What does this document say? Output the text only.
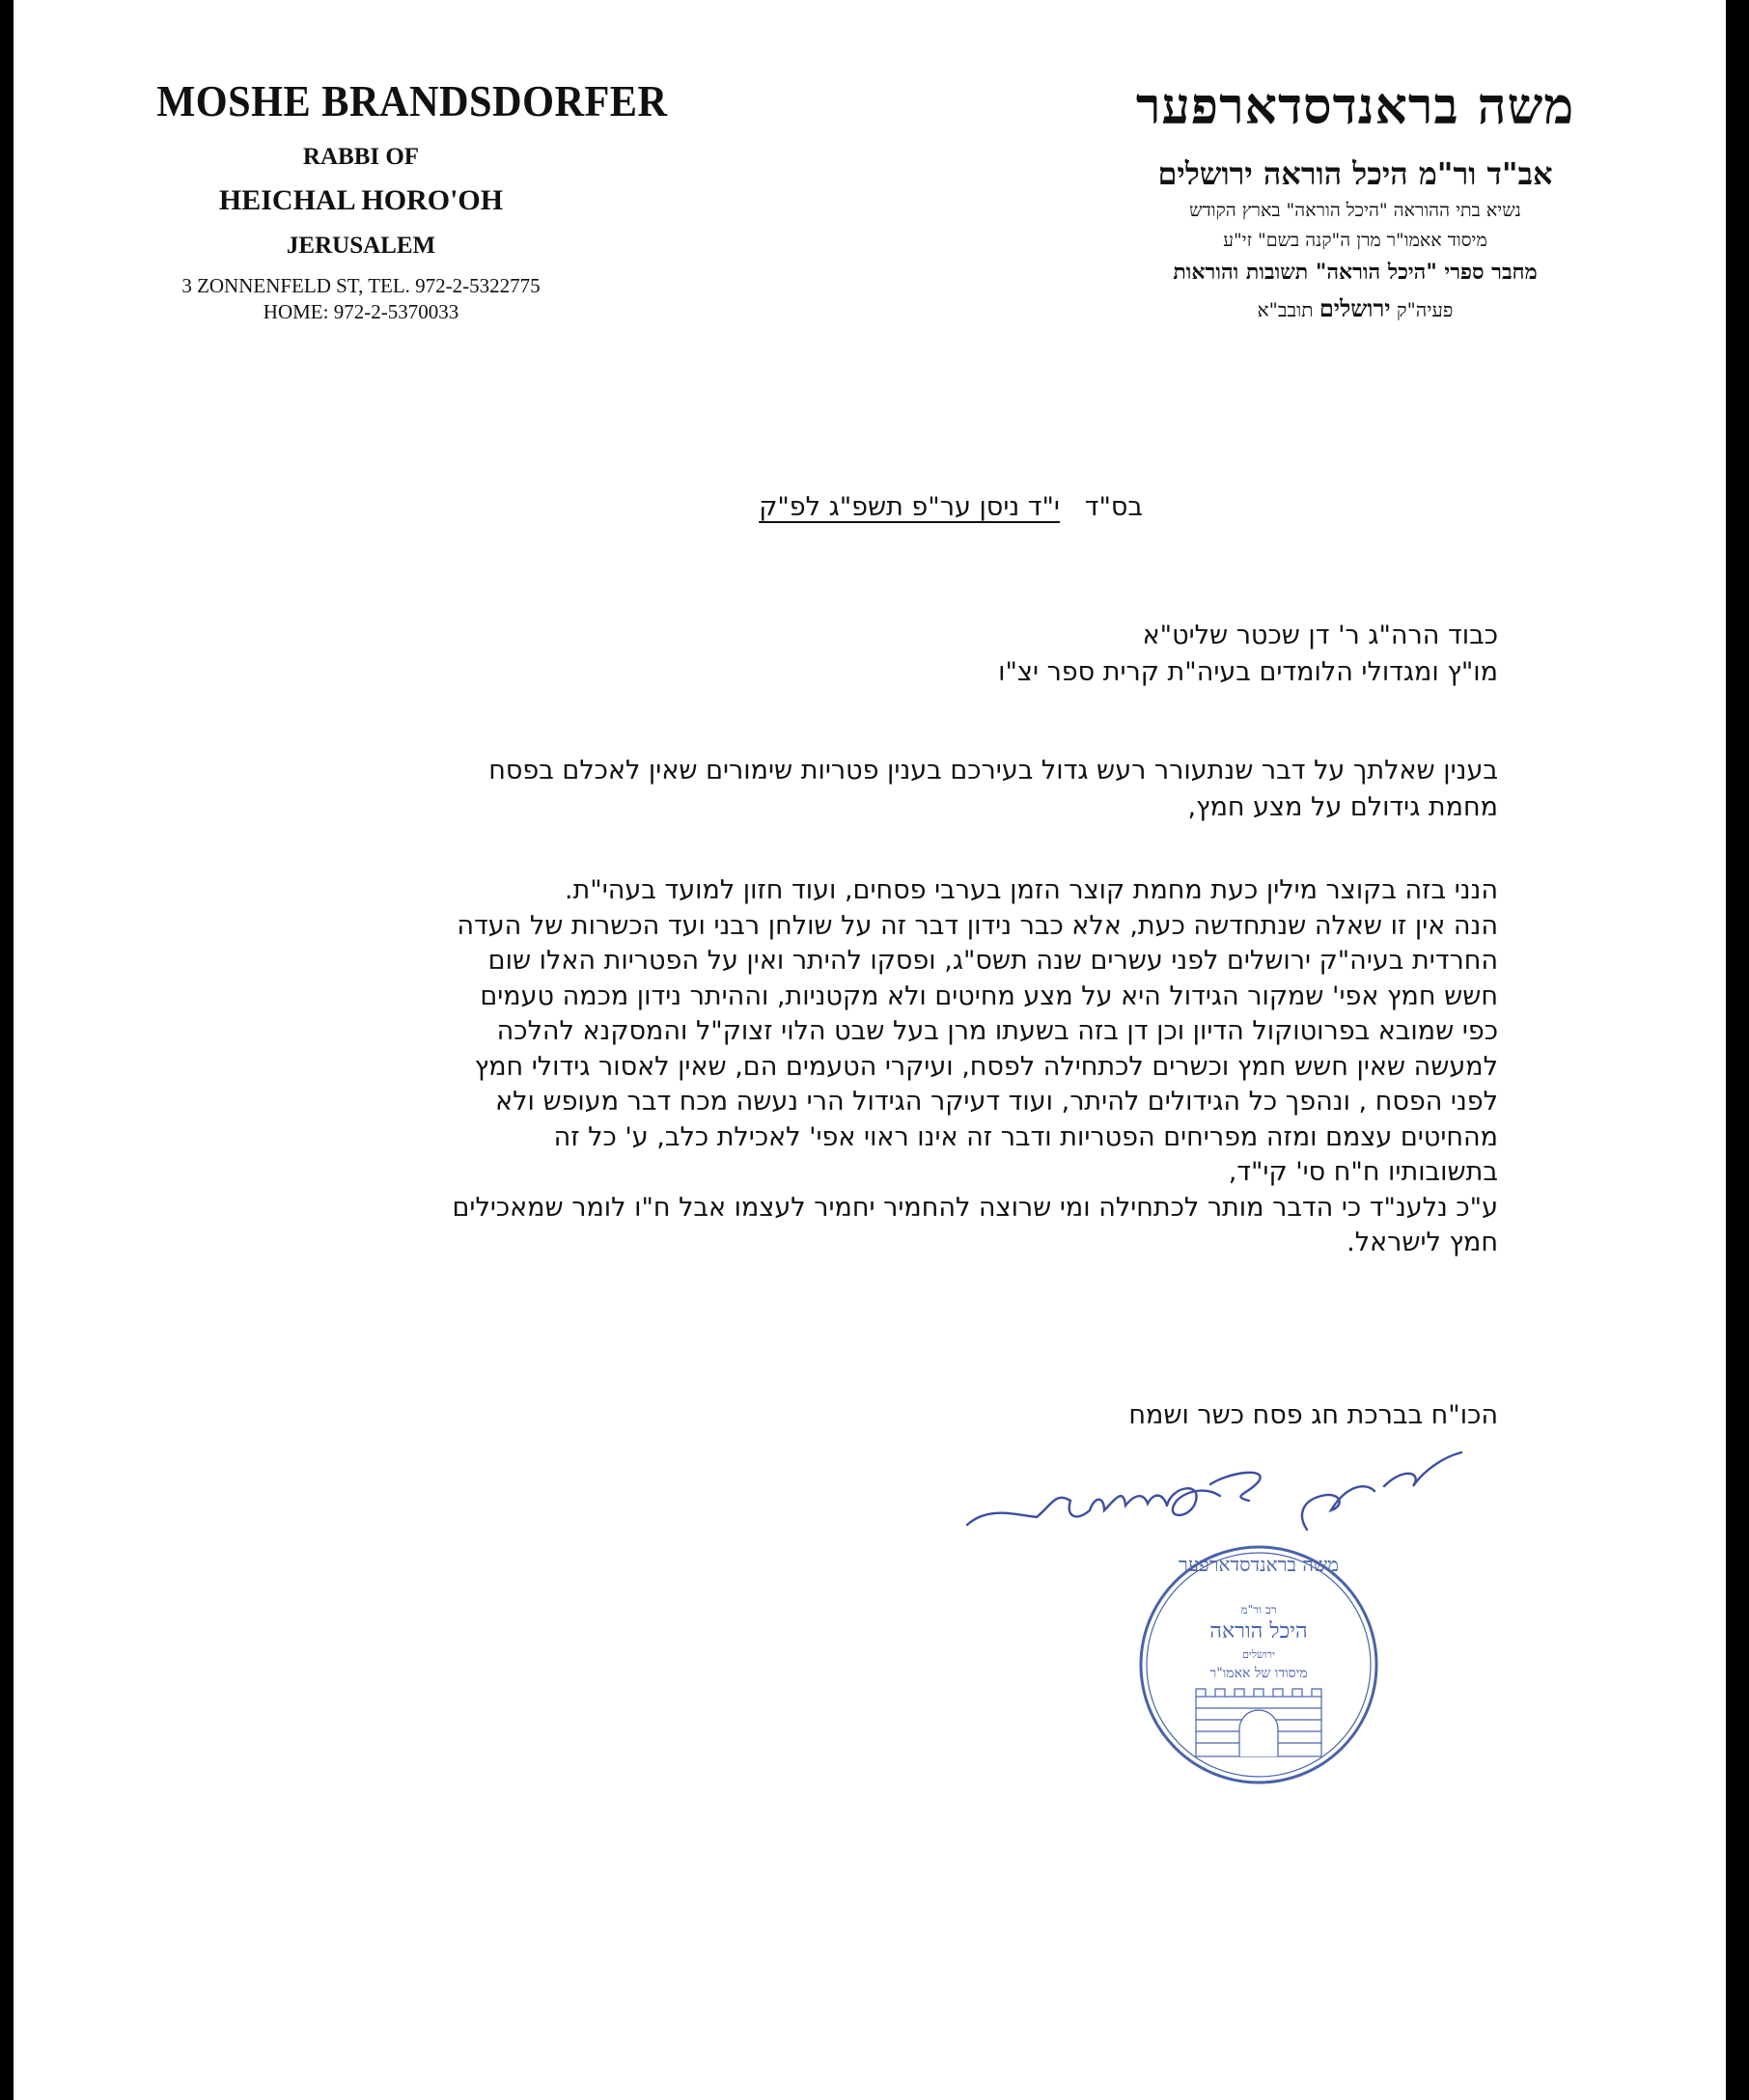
MOSHE BRANDSDORFER
RABBI OF
HEICHAL HORO'OH
JERUSALEM
3 ZONNENFELD ST, TEL. 972-2-5322775
HOME: 972-2-5370033
משה בראנדסדארפער
אב"ד ור"מ היכל הוראה ירושלים
נשיא בתי ההוראה "היכל הוראה" בארץ הקודש
מיסוד אאמו"ר מרן ה"קנה בשם" זי"ע
מחבר ספרי "היכל הוראה" תשובות והוראות
פעיה"ק ירושלים תובב"א
בס"ד   י"ד ניסן ער"פ תשפ"ג לפ"ק
כבוד הרה"ג ר' דן שכטר שליט"א
מו"ץ ומגדולי הלומדים בעיה"ת קרית ספר יצ"ו
בענין שאלתך על דבר שנתעורר רעש גדול בעירכם בענין פטריות שימורים שאין לאכלם בפסח
מחמת גידולם על מצע חמץ,
הנני בזה בקוצר מילין כעת מחמת קוצר הזמן בערבי פסחים, ועוד חזון למועד בעהי"ת.
הנה אין זו שאלה שנתחדשה כעת, אלא כבר נידון דבר זה על שולחן רבני ועד הכשרות של העדה
החרדית בעיה"ק ירושלים לפני עשרים שנה תשס"ג, ופסקו להיתר ואין על הפטריות האלו שום
חשש חמץ אפי' שמקור הגידול היא על מצע מחיטים ולא מקטניות, וההיתר נידון מכמה טעמים
כפי שמובא בפרוטוקול הדיון וכן דן בזה בשעתו מרן בעל שבט הלוי זצוק"ל והמסקנא להלכה
למעשה שאין חשש חמץ וכשרים לכתחילה לפסח, ועיקרי הטעמים הם, שאין לאסור גידולי חמץ
לפני הפסח , ונהפך כל הגידולים להיתר, ועוד דעיקר הגידול הרי נעשה מכח דבר מעופש ולא
מהחיטים עצמם ומזה מפריחים הפטריות ודבר זה אינו ראוי אפי' לאכילת כלב, ע' כל זה
בתשובותיו ח"ח סי' קי"ד,
ע"כ נלענ"ד כי הדבר מותר לכתחילה ומי שרוצה להחמיר יחמיר לעצמו אבל ח"ו לומר שמאכילים
חמץ לישראל.
הכו"ח בברכת חג פסח כשר ושמח
רב ור"מ
היכל הוראה
ירושלים
מיסודו של אאמו"ר
משה בראנדסדארפער
